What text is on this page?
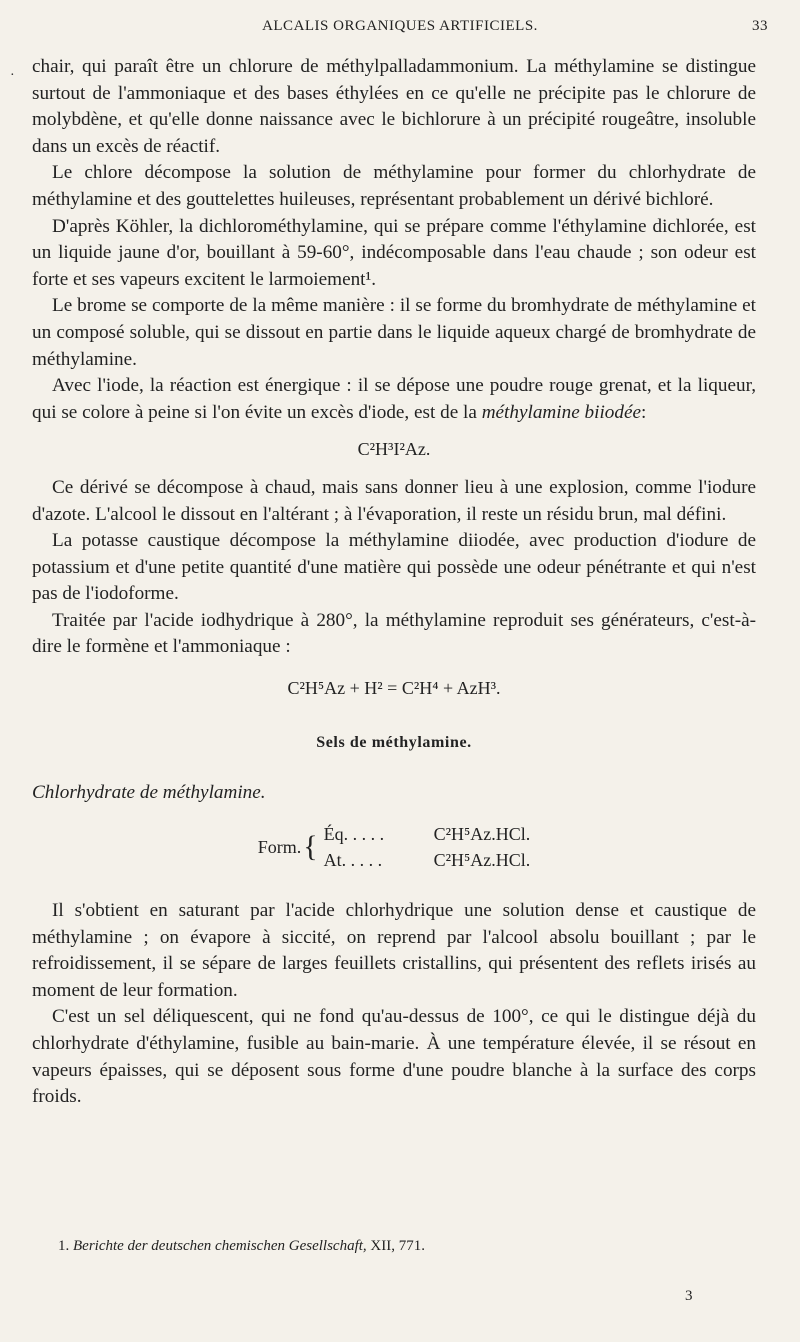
ALCALIS ORGANIQUES ARTIFICIELS.	33
· chair, qui paraît être un chlorure de méthylpalladammonium. La méthylamine se distingue surtout de l'ammoniaque et des bases éthylées en ce qu'elle ne précipite pas le chlorure de molybdène, et qu'elle donne naissance avec le bichlorure à un précipité rougeâtre, insoluble dans un excès de réactif.

Le chlore décompose la solution de méthylamine pour former du chlorhydrate de méthylamine et des gouttelettes huileuses, représentant probablement un dérivé bichloré.

D'après Köhler, la dichlorométhylamine, qui se prépare comme l'éthylamine dichlorée, est un liquide jaune d'or, bouillant à 59-60°, indécomposable dans l'eau chaude ; son odeur est forte et ses vapeurs excitent le larmoiement¹.

Le brome se comporte de la même manière : il se forme du bromhydrate de méthylamine et un composé soluble, qui se dissout en partie dans le liquide aqueux chargé de bromhydrate de méthylamine.

Avec l'iode, la réaction est énergique : il se dépose une poudre rouge grenat, et la liqueur, qui se colore à peine si l'on évite un excès d'iode, est de la méthylamine biiodée:

C²H³I²Az.

Ce dérivé se décompose à chaud, mais sans donner lieu à une explosion, comme l'iodure d'azote. L'alcool le dissout en l'altérant ; à l'évaporation, il reste un résidu brun, mal défini.

La potasse caustique décompose la méthylamine diiodée, avec production d'iodure de potassium et d'une petite quantité d'une matière qui possède une odeur pénétrante et qui n'est pas de l'iodoforme.

Traitée par l'acide iodhydrique à 280°, la méthylamine reproduit ses générateurs, c'est-à-dire le formène et l'ammoniaque :

C²H⁵Az + H² = C²H⁴ + AzH³.
Sels de méthylamine.

Chlorhydrate de méthylamine.

Form. { Éq. . . . .	C²H⁵Az.HCl.
At. . . . .	C²H⁵Az.HCl.

Il s'obtient en saturant par l'acide chlorhydrique une solution dense et caustique de méthylamine ; on évapore à siccité, on reprend par l'alcool absolu bouillant ; par le refroidissement, il se sépare de larges feuillets cristallins, qui présentent des reflets irisés au moment de leur formation.

C'est un sel déliquescent, qui ne fond qu'au-dessus de 100°, ce qui le distingue déjà du chlorhydrate d'éthylamine, fusible au bain-marie. À une température élevée, il se résout en vapeurs épaisses, qui se déposent sous forme d'une poudre blanche à la surface des corps froids.

1. Berichte der deutschen chemischen Gesellschaft, XII, 771.
3
